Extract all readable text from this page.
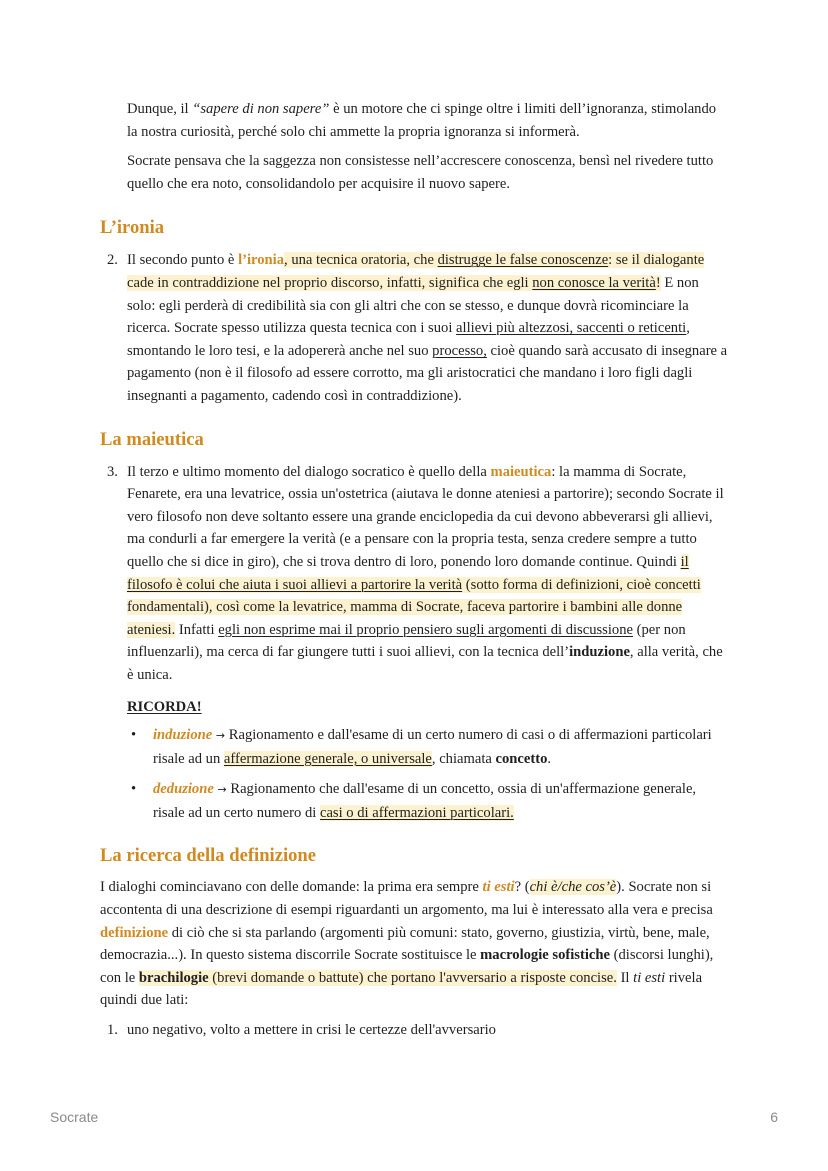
Dunque, il “sapere di non sapere” è un motore che ci spinge oltre i limiti dell’ignoranza, stimolando la nostra curiosità, perché solo chi ammette la propria ignoranza si informerà.

Socrate pensava che la saggezza non consistesse nell’accrescere conoscenza, bensì nel rivedere tutto quello che era noto, consolidandolo per acquisire il nuovo sapere.

L’ironia
2. Il secondo punto è l’ironia, una tecnica oratoria, che distrugge le false conoscenze: se il dialogante cade in contraddizione nel proprio discorso, infatti, significa che egli non conosce la verità! E non solo: egli perderà di credibilità sia con gli altri che con se stesso, e dunque dovrà ricominciare la ricerca. Socrate spesso utilizza questa tecnica con i suoi allievi più altezzosi, saccenti o reticenti, smontando le loro tesi, e la adopererà anche nel suo processo, cioè quando sarà accusato di insegnare a pagamento (non è il filosofo ad essere corrotto, ma gli aristocratici che mandano i loro figli dagli insegnanti a pagamento, cadendo così in contraddizione).
La maieutica
3. Il terzo e ultimo momento del dialogo socratico è quello della maieutica: la mamma di Socrate, Fenarete, era una levatrice, ossia un'ostetrica (aiutava le donne ateniesi a partorire); secondo Socrate il vero filosofo non deve soltanto essere una grande enciclopedia da cui devono abbeverarsi gli allievi, ma condurli a far emergere la verità (e a pensare con la propria testa, senza credere sempre a tutto quello che si dice in giro), che si trova dentro di loro, ponendo loro domande continue. Quindi il filosofo è colui che aiuta i suoi allievi a partorire la verità (sotto forma di definizioni, cioè concetti fondamentali), così come la levatrice, mamma di Socrate, faceva partorire i bambini alle donne ateniesi. Infatti egli non esprime mai il proprio pensiero sugli argomenti di discussione (per non influenzarli), ma cerca di far giungere tutti i suoi allievi, con la tecnica dell’induzione, alla verità, che è unica.

RICORDA!

• induzione → Ragionamento e dall'esame di un certo numero di casi o di affermazioni particolari risale ad un affermazione generale, o universale, chiamata concetto.
• deduzione → Ragionamento che dall'esame di un concetto, ossia di un'affermazione generale, risale ad un certo numero di casi o di affermazioni particolari.
La ricerca della definizione

I dialoghi cominciavano con delle domande: la prima era sempre ti esti? (chi è/che cos’è). Socrate non si accontenta di una descrizione di esempi riguardanti un argomento, ma lui è interessato alla vera e precisa definizione di ciò che si sta parlando (argomenti più comuni: stato, governo, giustizia, virtù, bene, male, democrazia...). In questo sistema discorrile Socrate sostituisce le macrologie sofistiche (discorsi lunghi), con le brachilogie (brevi domande o battute) che portano l'avversario a risposte concise. Il ti esti rivela quindi due lati:

1. uno negativo, volto a mettere in crisi le certezze dell'avversario
Socrate	6
